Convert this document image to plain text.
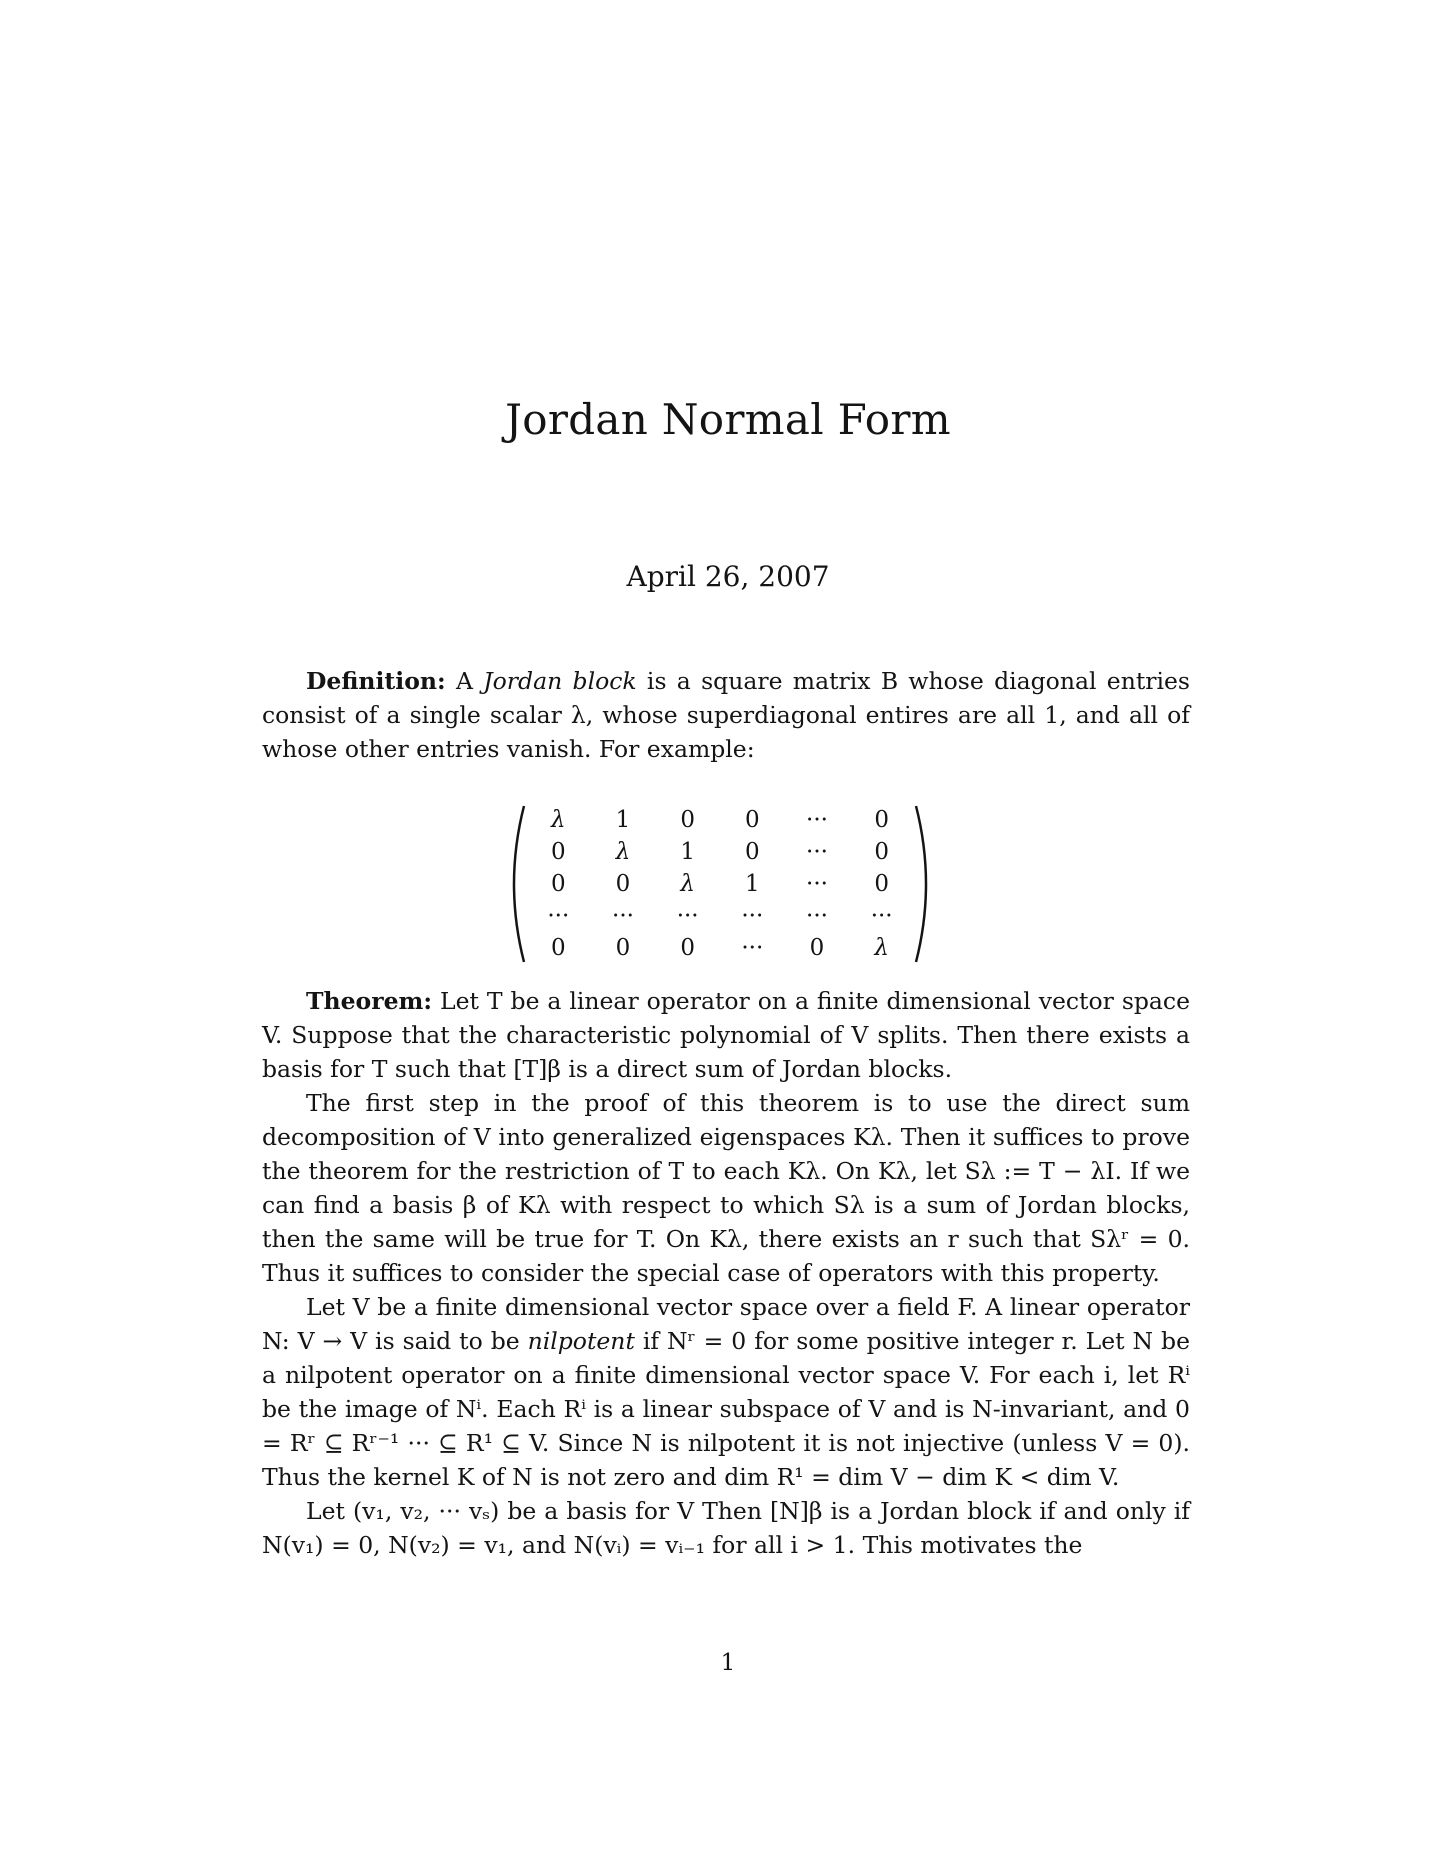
Jordan Normal Form
April 26, 2007

Definition: A Jordan block is a square matrix B whose diagonal entries consist of a single scalar λ, whose superdiagonal entires are all 1, and all of whose other entries vanish. For example:

λ	1	0	0	···	0
0	λ	1	0	···	0
0	0	λ	1	···	0
···	···	···	···	···	···
0	0	0	···	0	λ

Theorem: Let T be a linear operator on a finite dimensional vector space V. Suppose that the characteristic polynomial of V splits. Then there exists a basis for T such that [T]β is a direct sum of Jordan blocks.

The first step in the proof of this theorem is to use the direct sum decomposition of V into generalized eigenspaces Kλ. Then it suffices to prove the theorem for the restriction of T to each Kλ. On Kλ, let Sλ := T − λI. If we can find a basis β of Kλ with respect to which Sλ is a sum of Jordan blocks, then the same will be true for T. On Kλ, there exists an r such that Sλʳ = 0. Thus it suffices to consider the special case of operators with this property.

Let V be a finite dimensional vector space over a field F. A linear operator N: V → V is said to be nilpotent if Nʳ = 0 for some positive integer r. Let N be a nilpotent operator on a finite dimensional vector space V. For each i, let Rⁱ be the image of Nⁱ. Each Rⁱ is a linear subspace of V and is N-invariant, and 0 = Rʳ ⊆ Rʳ⁻¹ ··· ⊆ R¹ ⊆ V. Since N is nilpotent it is not injective (unless V = 0). Thus the kernel K of N is not zero and dim R¹ = dim V − dim K < dim V.

Let (v₁, v₂, ··· vₛ) be a basis for V Then [N]β is a Jordan block if and only if N(v₁) = 0, N(v₂) = v₁, and N(vᵢ) = vᵢ₋₁ for all i > 1. This motivates the

1
